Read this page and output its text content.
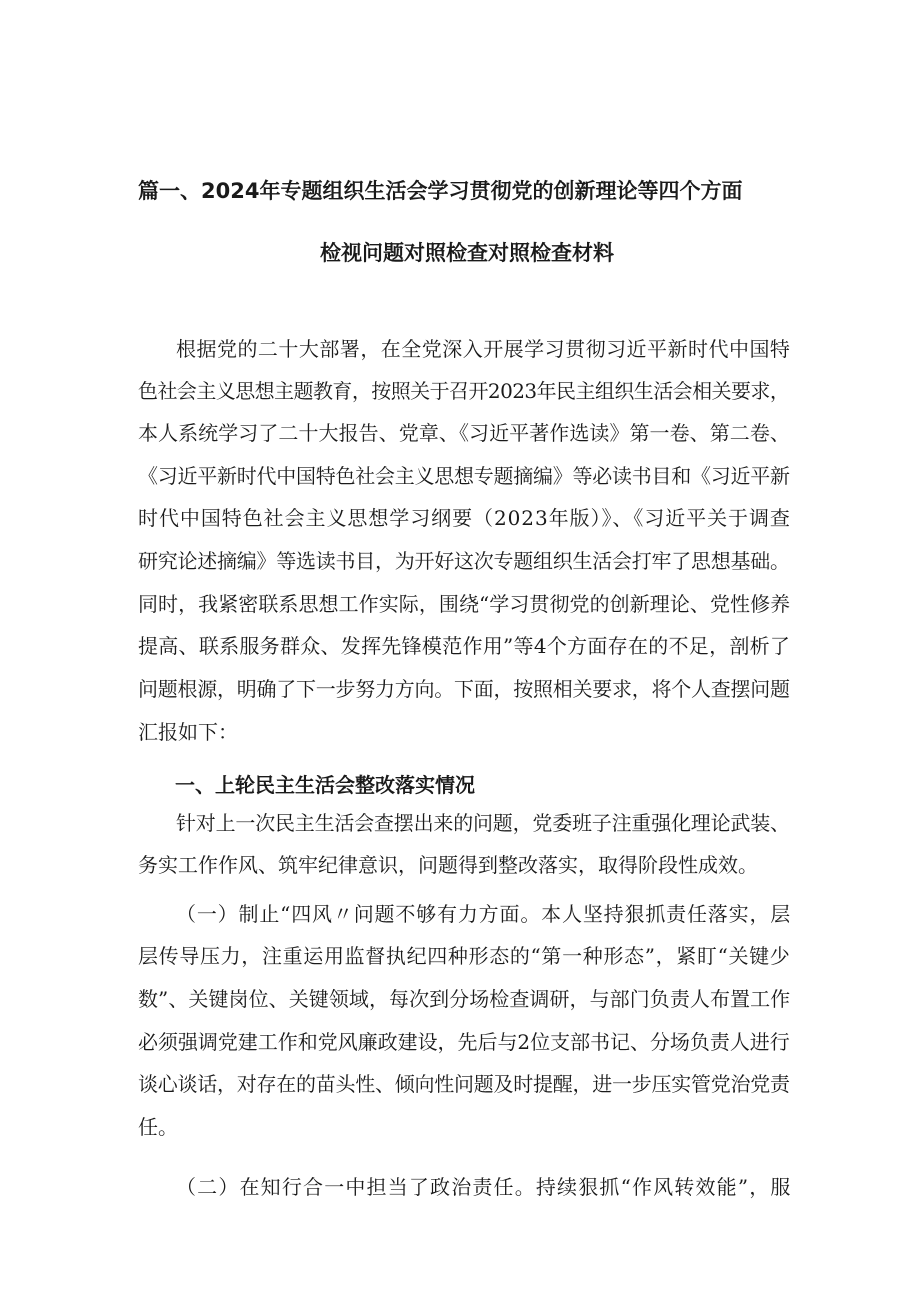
篇一、2024年专题组织生活会学习贯彻党的创新理论等四个方面
检视问题对照检查对照检查材料
根据党的二十大部署，在全党深入开展学习贯彻习近平新时代中国特
色社会主义思想主题教育，按照关于召开2023年民主组织生活会相关要求，
本人系统学习了二十大报告、党章、《习近平著作选读》第一卷、第二卷、
《习近平新时代中国特色社会主义思想专题摘编》等必读书目和《习近平新
时代中国特色社会主义思想学习纲要（2023年版）》、《习近平关于调查
研究论述摘编》等选读书目，为开好这次专题组织生活会打牢了思想基础。
同时，我紧密联系思想工作实际，围绕“学习贯彻党的创新理论、党性修养
提高、联系服务群众、发挥先锋模范作用”等4个方面存在的不足，剖析了
问题根源，明确了下一步努力方向。下面，按照相关要求，将个人查摆问题
汇报如下：
一、上轮民主生活会整改落实情况
针对上一次民主生活会查摆出来的问题，党委班子注重强化理论武装、
务实工作作风、筑牢纪律意识，问题得到整改落实，取得阶段性成效。
（一）制止“四风〃问题不够有力方面。本人坚持狠抓责任落实，层
层传导压力，注重运用监督执纪四种形态的“第一种形态”，紧盯“关键少
数”、关键岗位、关键领域，每次到分场检查调研，与部门负责人布置工作
必须强调党建工作和党风廉政建设，先后与2位支部书记、分场负责人进行
谈心谈话，对存在的苗头性、倾向性问题及时提醒，进一步压实管党治党责
任。
（二）在知行合一中担当了政治责任。持续狠抓“作风转效能”，服
